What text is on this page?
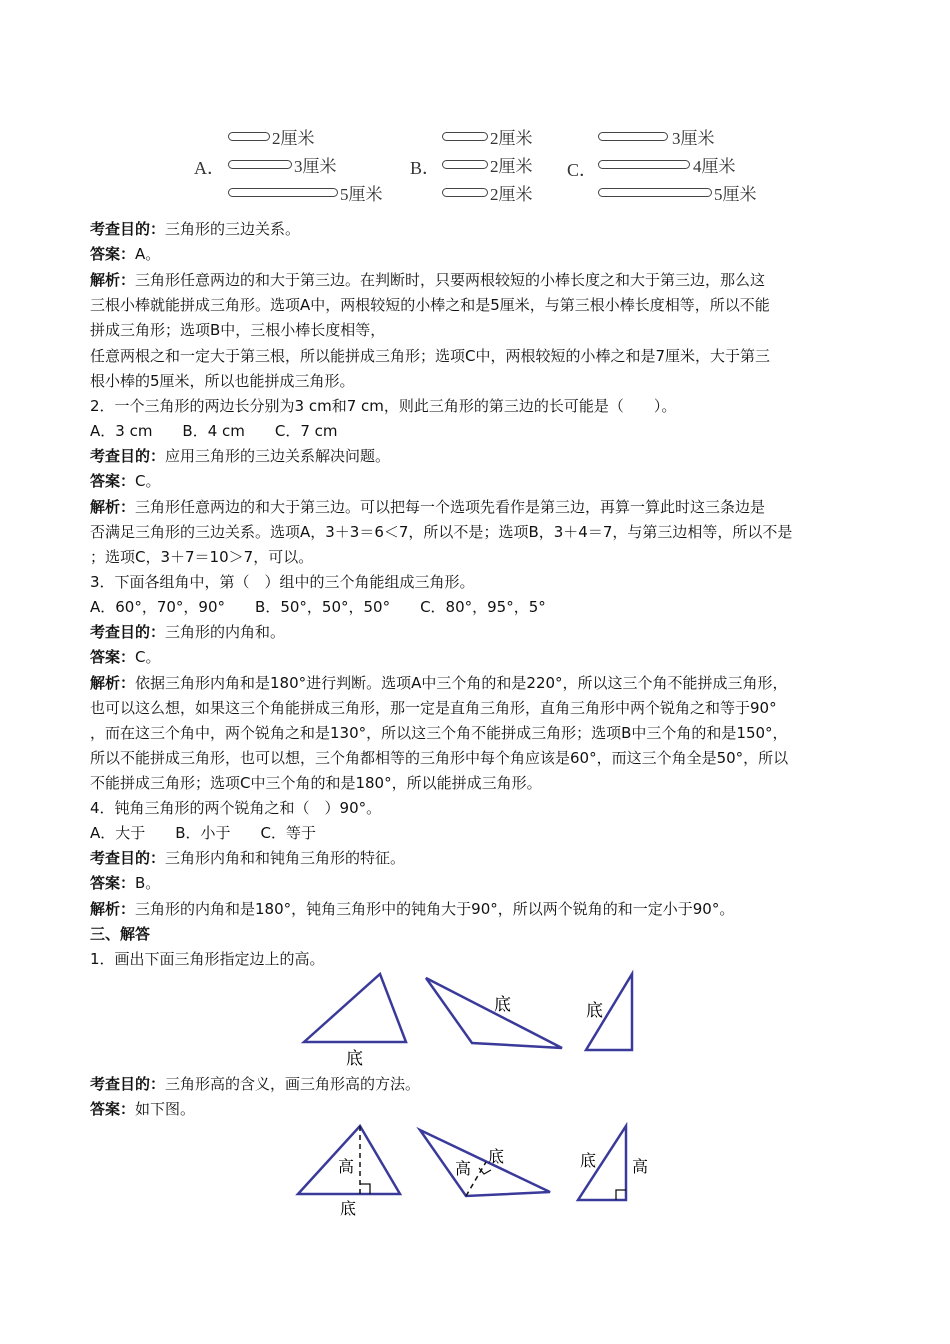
A．
2厘米
3厘米
5厘米
B．
2厘米
2厘米
2厘米
C．
3厘米
4厘米
5厘米
考查目的：三角形的三边关系。
答案：A。
解析：三角形任意两边的和大于第三边。在判断时，只要两根较短的小棒长度之和大于第三边，那么这
三根小棒就能拼成三角形。选项A中，两根较短的小棒之和是5厘米，与第三根小棒长度相等，所以不能
拼成三角形；选项B中，三根小棒长度相等，
任意两根之和一定大于第三根，所以能拼成三角形；选项C中，两根较短的小棒之和是7厘米，大于第三
根小棒的5厘米，所以也能拼成三角形。
2．一个三角形的两边长分别为3 cm和7 cm，则此三角形的第三边的长可能是（　　）。
A．3 cm　　B．4 cm　　C．7 cm
考查目的：应用三角形的三边关系解决问题。
答案：C。
解析：三角形任意两边的和大于第三边。可以把每一个选项先看作是第三边，再算一算此时这三条边是
否满足三角形的三边关系。选项A，3＋3＝6＜7，所以不是；选项B，3＋4＝7，与第三边相等，所以不是
；选项C，3＋7＝10＞7，可以。
3．下面各组角中，第（　）组中的三个角能组成三角形。
A．60°，70°，90°　　B．50°，50°，50°　　C．80°，95°，5°
考查目的：三角形的内角和。
答案：C。
解析：依据三角形内角和是180°进行判断。选项A中三个角的和是220°，所以这三个角不能拼成三角形，
也可以这么想，如果这三个角能拼成三角形，那一定是直角三角形，直角三角形中两个锐角之和等于90°
，而在这三个角中，两个锐角之和是130°，所以这三个角不能拼成三角形；选项B中三个角的和是150°，
所以不能拼成三角形，也可以想，三个角都相等的三角形中每个角应该是60°，而这三个角全是50°，所以
不能拼成三角形；选项C中三个角的和是180°，所以能拼成三角形。
4．钝角三角形的两个锐角之和（　）90°。
A．大于　　B．小于　　C．等于
考查目的：三角形内角和和钝角三角形的特征。
答案：B。
解析：三角形的内角和是180°，钝角三角形中的钝角大于90°，所以两个锐角的和一定小于90°。
三、解答
1．画出下面三角形指定边上的高。
底
底	底
考查目的：三角形高的含义，画三角形高的方法。
答案：如下图。
高
底
高
底	底 高
